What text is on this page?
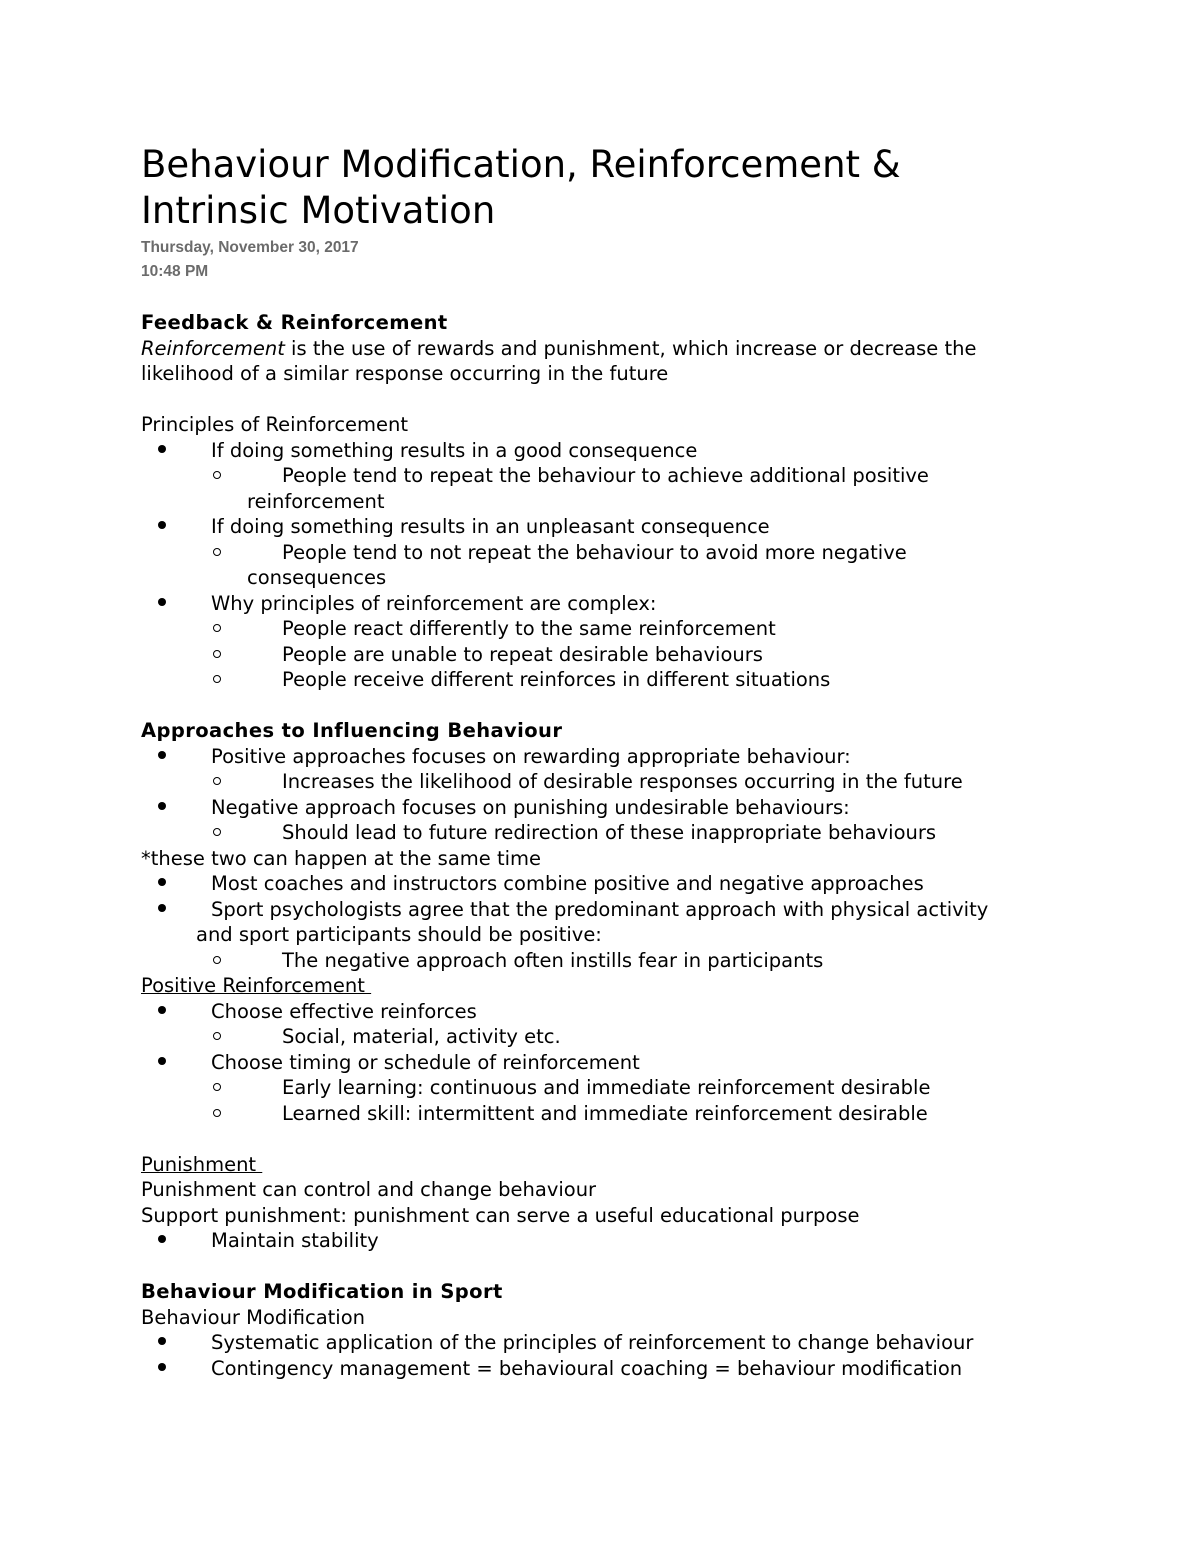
Behaviour Modification, Reinforcement &
Intrinsic Motivation
Thursday, November 30, 2017
10:48 PM
Feedback & Reinforcement
Reinforcement is the use of rewards and punishment, which increase or decrease the likelihood of a similar response occurring in the future
Principles of Reinforcement
If doing something results in a good consequence
People tend to repeat the behaviour to achieve additional positive reinforcement
If doing something results in an unpleasant consequence
People tend to not repeat the behaviour to avoid more negative consequences
Why principles of reinforcement are complex:
People react differently to the same reinforcement
People are unable to repeat desirable behaviours
People receive different reinforces in different situations
Approaches to Influencing Behaviour
Positive approaches focuses on rewarding appropriate behaviour:
Increases the likelihood of desirable responses occurring in the future
Negative approach focuses on punishing undesirable behaviours:
Should lead to future redirection of these inappropriate behaviours
*these two can happen at the same time
Most coaches and instructors combine positive and negative approaches
Sport psychologists agree that the predominant approach with physical activity and sport participants should be positive:
The negative approach often instills fear in participants
Positive Reinforcement
Choose effective reinforces
Social, material, activity etc.
Choose timing or schedule of reinforcement
Early learning: continuous and immediate reinforcement desirable
Learned skill: intermittent and immediate reinforcement desirable
Punishment
Punishment can control and change behaviour
Support punishment: punishment can serve a useful educational purpose
Maintain stability
Behaviour Modification in Sport
Behaviour Modification
Systematic application of the principles of reinforcement to change behaviour
Contingency management = behavioural coaching = behaviour modification
